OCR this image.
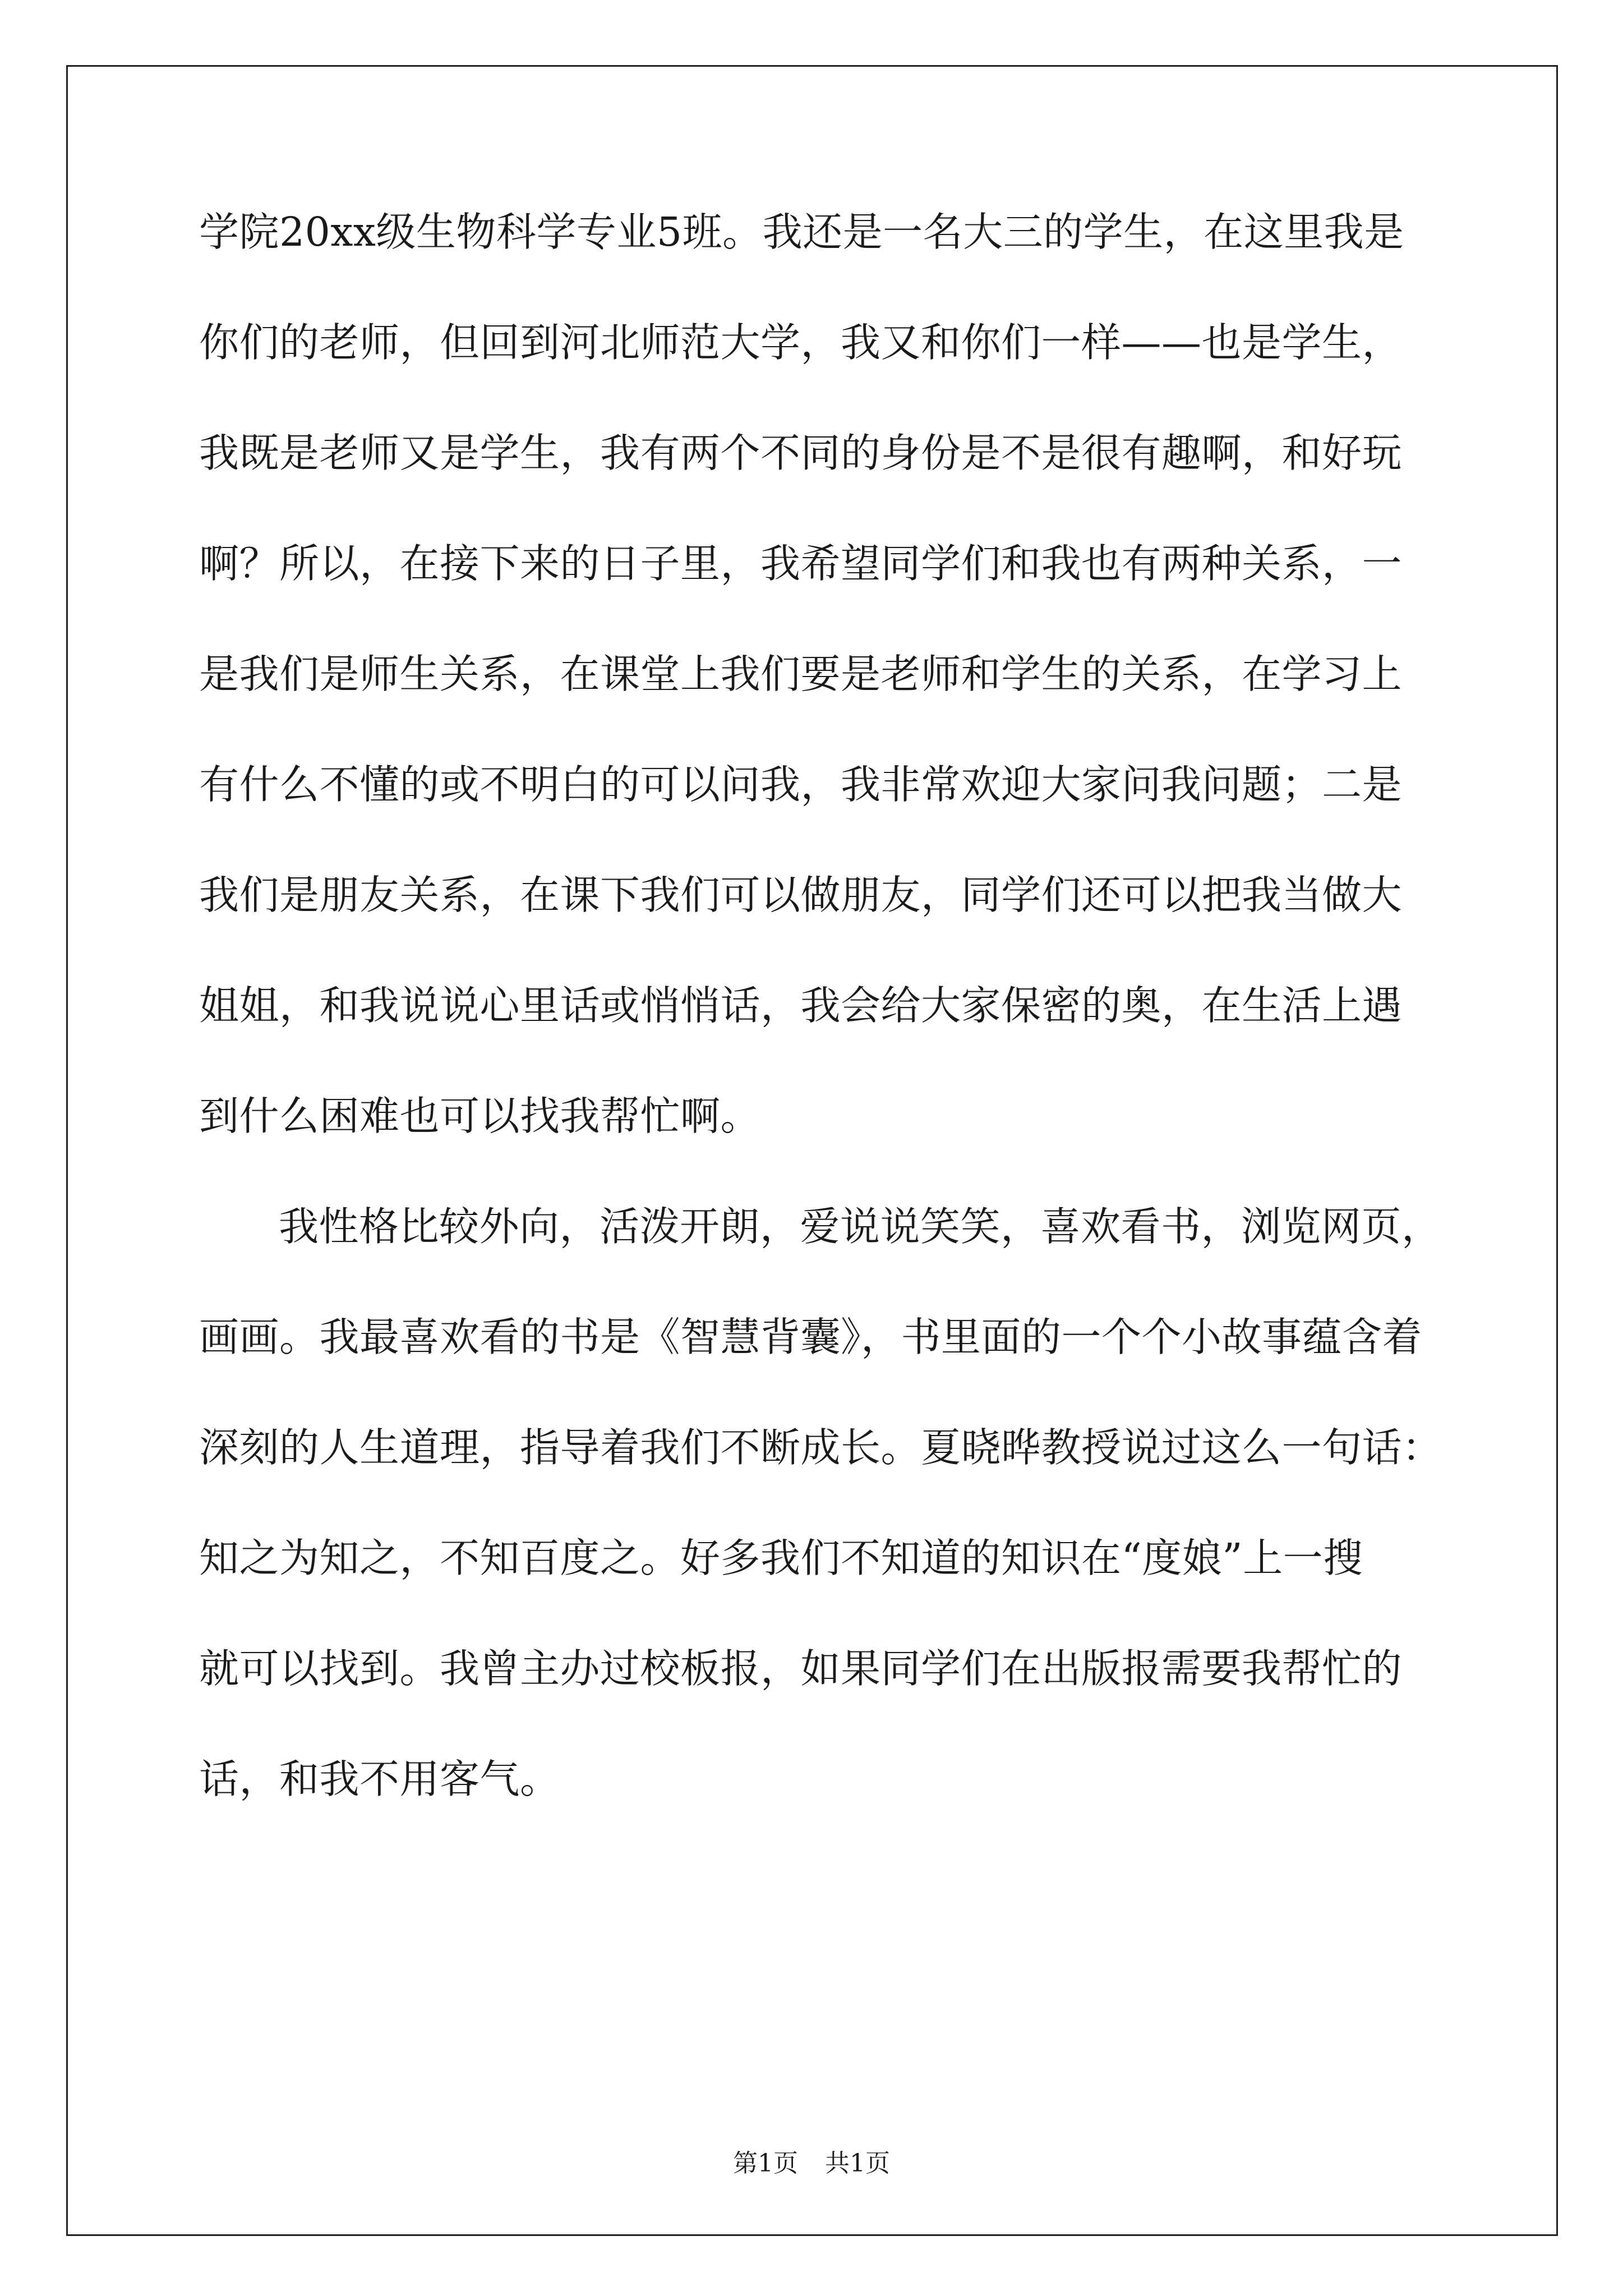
学院20xx级生物科学专业5班。我还是一名大三的学生，在这里我是
你们的老师，但回到河北师范大学，我又和你们一样——也是学生，
我既是老师又是学生，我有两个不同的身份是不是很有趣啊，和好玩
啊？所以，在接下来的日子里，我希望同学们和我也有两种关系，一
是我们是师生关系，在课堂上我们要是老师和学生的关系，在学习上
有什么不懂的或不明白的可以问我，我非常欢迎大家问我问题；二是
我们是朋友关系，在课下我们可以做朋友，同学们还可以把我当做大
姐姐，和我说说心里话或悄悄话，我会给大家保密的奥，在生活上遇
到什么困难也可以找我帮忙啊。
我性格比较外向，活泼开朗，爱说说笑笑，喜欢看书，浏览网页，
画画。我最喜欢看的书是《智慧背囊》，书里面的一个个小故事蕴含着
深刻的人生道理，指导着我们不断成长。夏晓晔教授说过这么一句话：
知之为知之，不知百度之。好多我们不知道的知识在“度娘”上一搜
就可以找到。我曾主办过校板报，如果同学们在出版报需要我帮忙的
话，和我不用客气。
第1页 共1页
